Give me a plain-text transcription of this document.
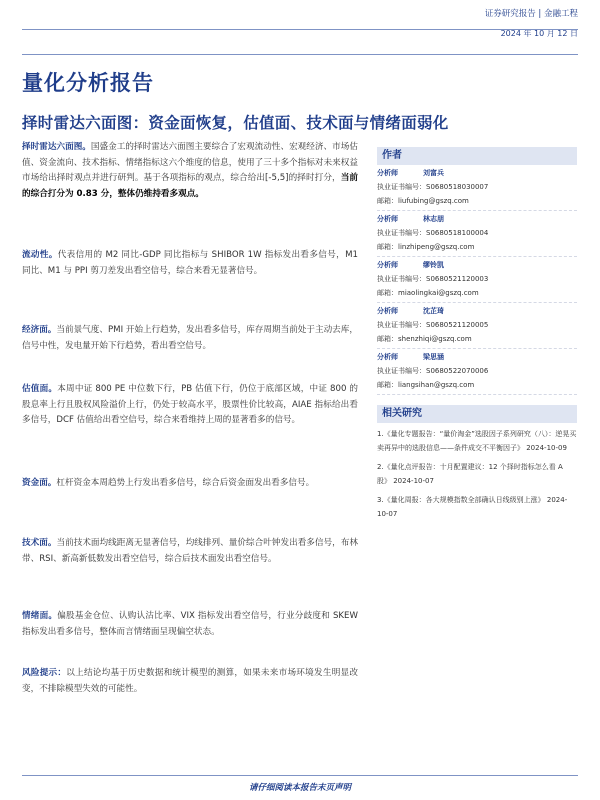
证券研究报告 | 金融工程
2024 年 10 月 12 日
量化分析报告
择时雷达六面图：资金面恢复，估值面、技术面与情绪面弱化
择时雷达六面图。国盛金工的择时雷达六面图主要综合了宏观流动性、宏观经济、市场估值、资金流向、技术指标、情绪指标这六个维度的信息，使用了三十多个指标对未来权益市场给出择时观点并进行研判。基于各项指标的观点，综合给出[-5,5]的择时打分，当前的综合打分为 0.83 分，整体仍维持看多观点。
流动性。代表信用的 M2 同比-GDP 同比指标与 SHIBOR 1W 指标发出看多信号，M1 同比、M1 与 PPI 剪刀差发出看空信号，综合来看无显著信号。
经济面。当前景气度、PMI 开始上行趋势，发出看多信号，库存周期当前处于主动去库，信号中性，发电量开始下行趋势，看出看空信号。
估值面。本周中证 800 PE 中位数下行，PB 估值下行，仍位于底部区域，中证 800 的股息率上行且股权风险溢价上行，仍处于较高水平，股票性价比较高，AIAE 指标给出看多信号，DCF 估值给出看空信号，综合来看维持上周的显著看多的信号。
资金面。杠杆资金本周趋势上行发出看多信号，综合后资金面发出看多信号。
技术面。当前技术面均线距离无显著信号，均线排列、量价综合叶钟发出看多信号，布林带、RSI、新高新低数发出看空信号，综合后技术面发出看空信号。
情绪面。偏股基金仓位、认购认沽比率、VIX 指标发出看空信号，行业分歧度和 SKEW 指标发出看多信号，整体而言情绪面呈现偏空状态。
风险提示：以上结论均基于历史数据和统计模型的测算，如果未来市场环境发生明显改变，不排除模型失效的可能性。
作者
分析师	刘富兵
执业证书编号：S0680518030007
邮箱：liufubing@gszq.com
分析师	林志朋
执业证书编号：S0680518100004
邮箱：linzhipeng@gszq.com
分析师	缪铃凯
执业证书编号：S0680521120003
邮箱：miaolingkai@gszq.com
分析师	沈芷琦
执业证书编号：S0680521120005
邮箱：shenzhiqi@gszq.com
分析师	梁思涵
执业证书编号：S0680522070006
邮箱：liangsihan@gszq.com
相关研究
1.《量化专题报告：“量价淘金”选股因子系列研究（八）：逆晃买卖再异中的选股信息——条件成交不平衡因子》 2024-10-09
2.《量化点评报告：十月配置建议：12 个择时指标怎么看 A 股》 2024-10-07
3.《量化周报：各大规模指数全部确认日线级别上涨》 2024-10-07
请仔细阅读本报告末页声明
